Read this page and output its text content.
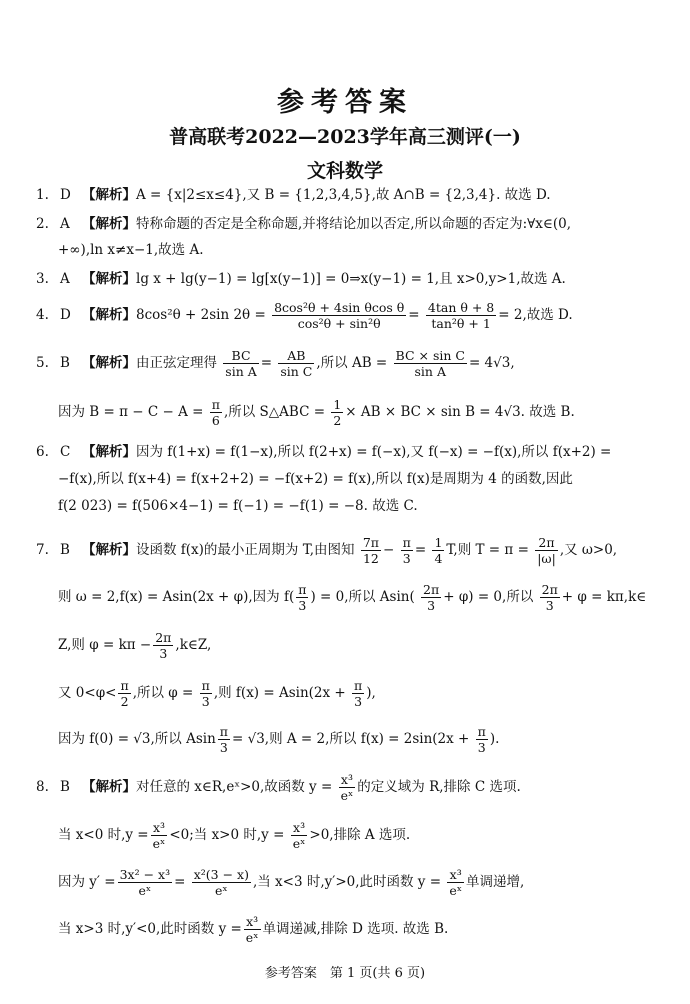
参考答案
普高联考2022—2023学年高三测评(一)
文科数学
1. D 【解析】A = {x|2≤x≤4},又 B = {1,2,3,4,5},故 A∩B = {2,3,4}. 故选 D.
2. A 【解析】特称命题的否定是全称命题,并将结论加以否定,所以命题的否定为:∀x∈(0,
+∞),ln x≠x−1,故选 A.
3. A 【解析】lg x + lg(y−1) = lg[x(y−1)] = 0⇒x(y−1) = 1,且 x>0,y>1,故选 A.
4. D 【解析】8cos²θ + 2sin $2\theta = \frac{\text{8cos²θ + 4sin θcos θ}}{\text{cos²θ + sin²θ}} = \frac{\text{4tan θ + 8}}{\text{tan²θ + 1}} = 2$,故选 D.
5. B 【解析】由正弦定理得 $\frac{BC}{\text{sin A}} = \frac{AB}{\text{sin C}}$ ,所以 AB = $\frac{\text{BC × sin C}}{\text{sin A}} = 4√3$,
因为 $B = \pi - C - A = \frac{\pi}{6}$ ,所以 S△ABC = $\frac{1}{2}$ × AB × BC × sin B = 4√3. 故选 B.
6. C 【解析】因为 f(1+x) = f(1−x),所以 f(2+x) = f(−x),又 f(−x) = −f(x),所以 f(x+2) =
−f(x),所以 f(x+4) = f(x+2+2) = −f(x+2) = f(x),所以 f(x)是周期为 4 的函数,因此
f(2 023) = f(506×4−1) = f(−1) = −f(1) = −8. 故选 C.
7. B 【解析】设函数 f(x)的最小正周期为 T,由图知 $\frac{7\pi}{12} - \frac{\pi}{3} = \frac{1}{4} T$,则 $T = \pi = \frac{2\pi}{|\omega|}$ ,又 ω>0,
则 ω = 2,f(x) = Asin(2x + φ),因为 $f( \frac{\pi}{3}$ ) = 0,所以 $Asin( \frac{2\pi}{3} + \varphi) = 0$,所以 $\frac{2\pi}{3} + \varphi$ = kπ,k∈
Z,则 $\varphi = k\pi - \frac{2\pi}{3}$ ,k∈Z,
又 $0<\varphi< \frac{\pi}{2}$ ,所以 $\varphi = \frac{\pi}{3}$ ,则 $f(x) = Asin(2x + \frac{\pi}{3}$ ),
因为 f(0) = √3,所以 Asin $\frac{\pi}{3} = √3$,则 A = 2,所以 $f(x) = 2\sin(2x + \frac{\pi}{3}$ ).
8. B 【解析】对任意的 x∈R,eˣ>0,故函数 $y = \frac{\text{x³}}{\text{eˣ}}$ 的定义域为 R,排除 C 选项.
当 x<0 时$,y = \frac{\text{x³}}{\text{eˣ}} <0$;当 x>0 时$,y = \frac{\text{x³}}{\text{eˣ}} >0$,排除 A 选项.
因为 $y' = \frac{\text{3x² − x³}}{\text{eˣ}} = \frac{\text{x²(3 − x)}}{\text{eˣ}}$ ,当 x<3 时,y′>0,此时函数 $y = \frac{\text{x³}}{\text{eˣ}}$ 单调递增,
当 x>3 时,y′<0,此时函数 $y = \frac{\text{x³}}{\text{eˣ}}$ 单调递减,排除 D 选项. 故选 B.
参考答案　第 1 页(共 6 页)
